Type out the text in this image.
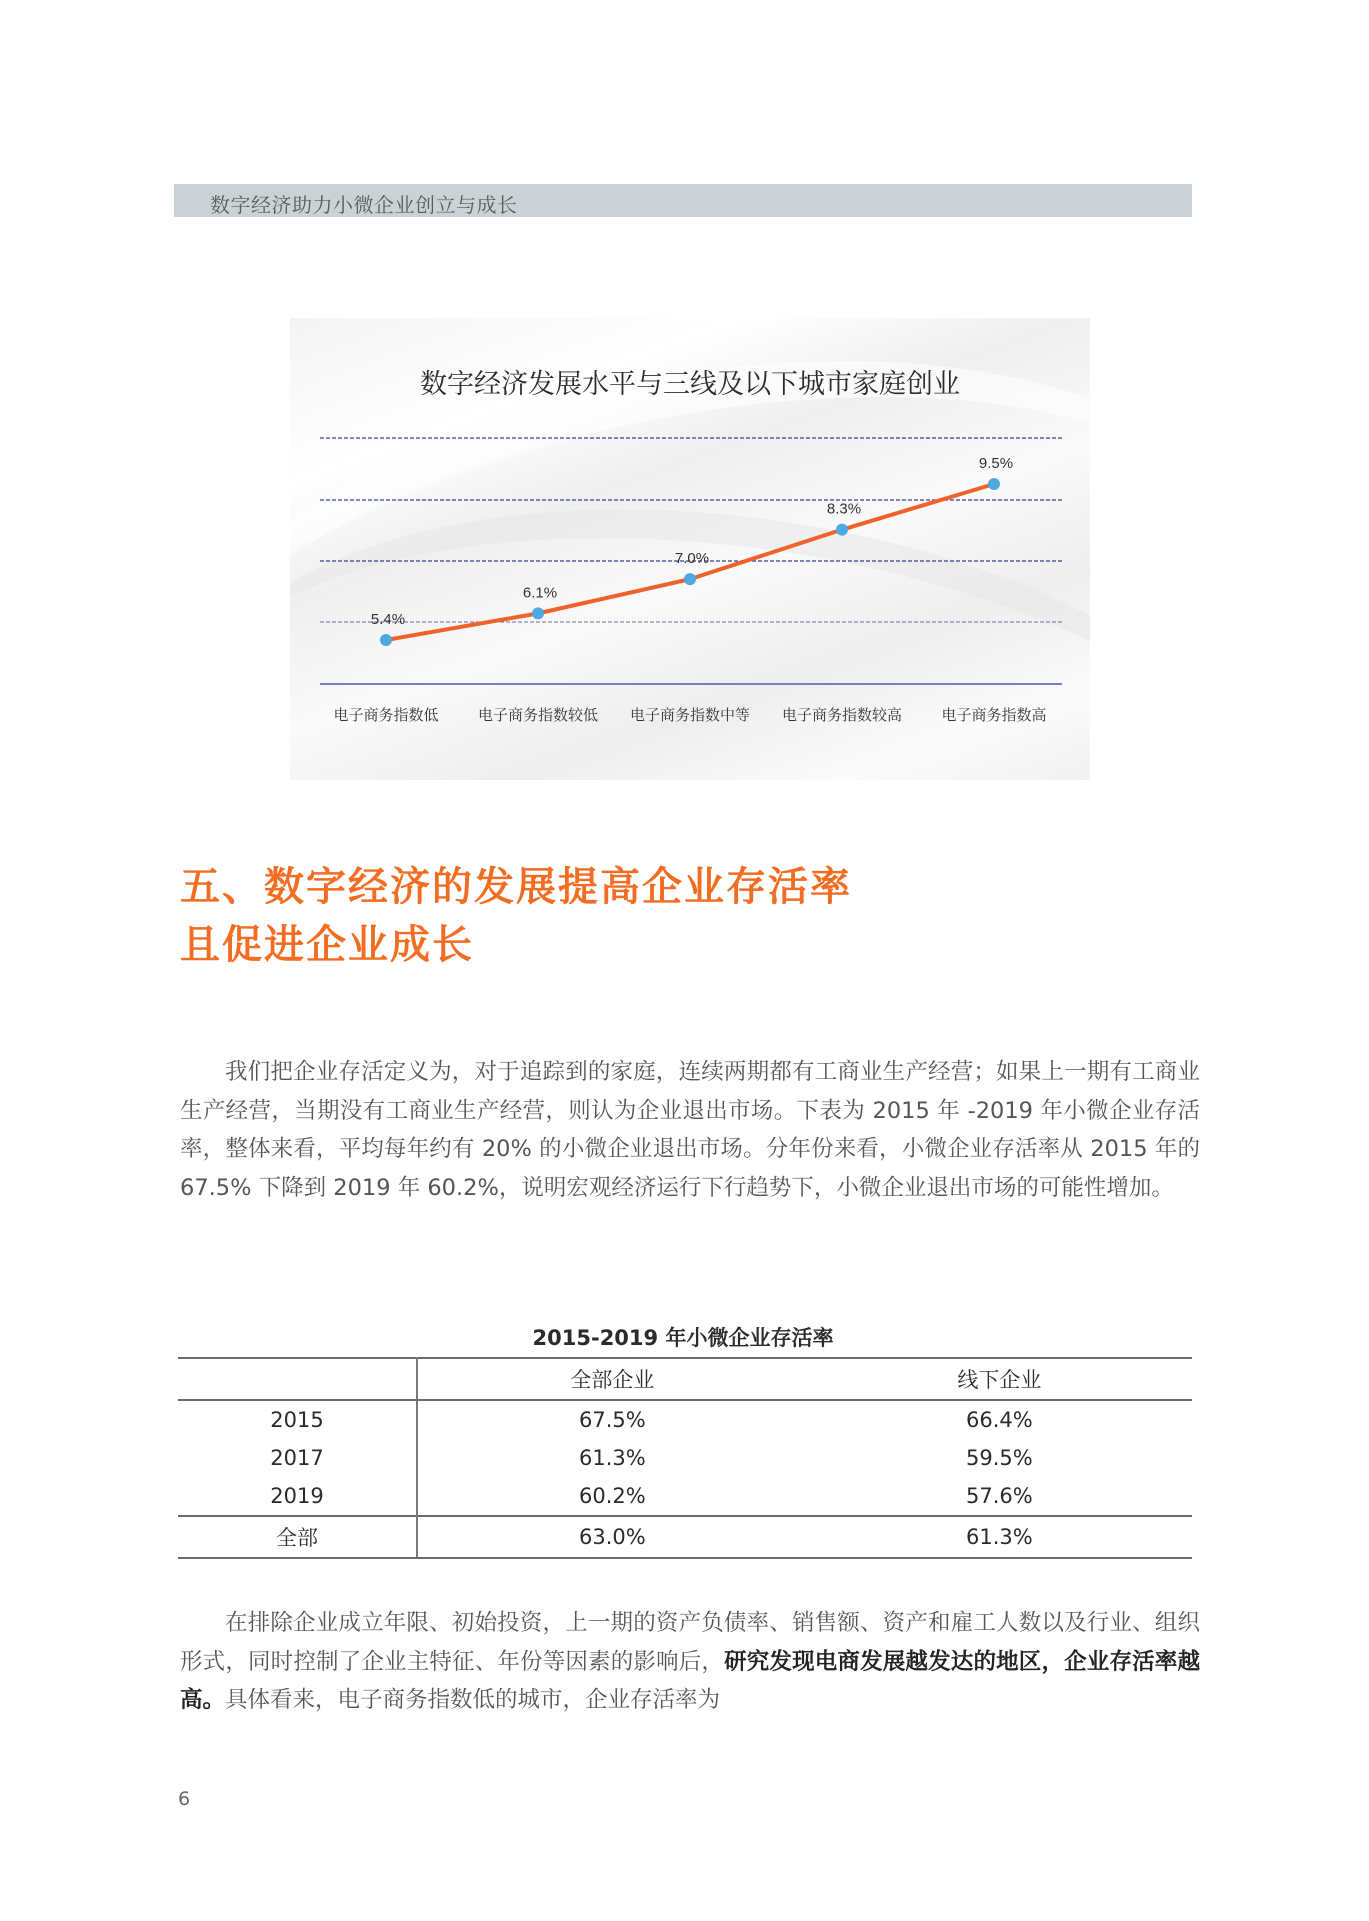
数字经济助力小微企业创立与成长
数字经济发展水平与三线及以下城市家庭创业
5.4%
6.1%
7.0%
8.3%
9.5%
电子商务指数低	电子商务指数较低	电子商务指数中等	电子商务指数较高	电子商务指数高
五、数字经济的发展提高企业存活率
且促进企业成长
我们把企业存活定义为，对于追踪到的家庭，连续两期都有工商业生产经营；如果上一期有工商业生产经营，当期没有工商业生产经营，则认为企业退出市场。下表为 2015 年 -2019 年小微企业存活率，整体来看，平均每年约有 20% 的小微企业退出市场。分年份来看，小微企业存活率从 2015 年的 67.5% 下降到 2019 年 60.2%，说明宏观经济运行下行趋势下，小微企业退出市场的可能性增加。
2015-2019 年小微企业存活率
	全部企业	线下企业
2015	67.5%	66.4%
2017	61.3%	59.5%
2019	60.2%	57.6%
全部	63.0%	61.3%
在排除企业成立年限、初始投资，上一期的资产负债率、销售额、资产和雇工人数以及行业、组织形式，同时控制了企业主特征、年份等因素的影响后，研究发现电商发展越发达的地区，企业存活率越高。具体看来，电子商务指数低的城市，企业存活率为
6
